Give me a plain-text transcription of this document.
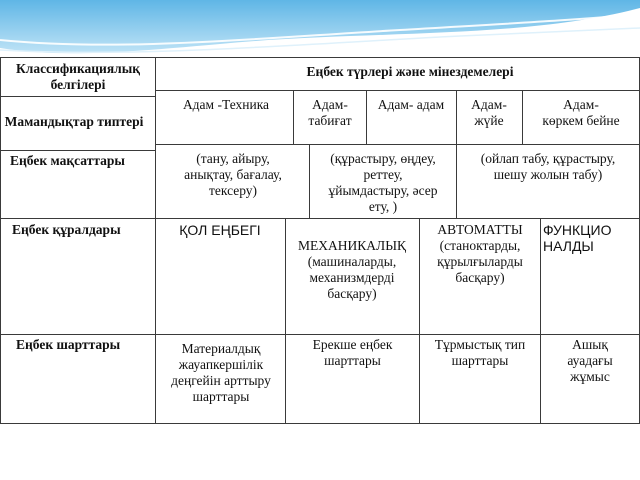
Классификациялық белгілері
Еңбек түрлері және мінездемелері
Мамандықтар типтері
Еңбек мақсаттары
Еңбек құралдары
Еңбек шарттары
Адам -Техника	Адам-
табиғат
Адам- адам	Адам-
жүйе
Адам-
көркем бейне
(тану, айыру,
анықтау, бағалау,
тексеру)
(құрастыру, өңдеу,
реттеу,
ұйымдастыру, әсер
ету, )
(ойлап табу, құрастыру,
шешу жолын табу)
ҚОЛ ЕҢБЕГІ

МЕХАНИКАЛЫҚ
(машиналарды,
механизмдерді
басқару)

АВТОМАТТЫ
(станоктарды,
құрылғыларды
басқару)
ФУНКЦИО
НАЛДЫ
Материалдық
жауапкершілік
деңгейін арттыру
шарттары
Ерекше еңбек
шарттары
Тұрмыстық тип
шарттары
Ашық
ауадағы
жұмыс
